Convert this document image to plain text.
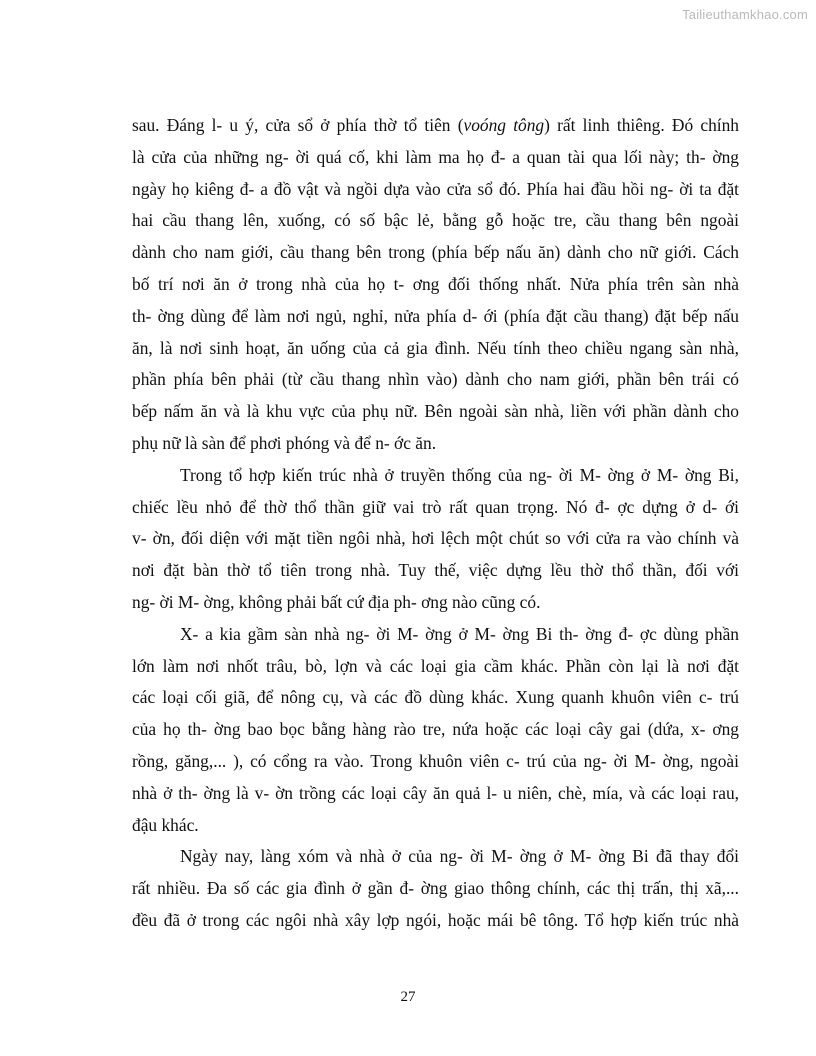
Tailieuthamkhao.com
sau. Đáng l- u ý, cửa sổ ở phía thờ tổ tiên (voóng tông) rất linh thiêng. Đó chính
là cửa của những ng- ời quá cố, khi làm ma họ đ- a quan tài qua lối này; th- ờng
ngày họ kiêng đ- a đồ vật và ngồi dựa vào cửa sổ đó. Phía hai đầu hồi ng- ời ta đặt
hai cầu thang lên, xuống, có số bậc lẻ, bằng gỗ hoặc tre, cầu thang bên ngoài
dành cho nam giới, cầu thang bên trong (phía bếp nấu ăn) dành cho nữ giới. Cách
bố trí nơi ăn ở trong nhà của họ t- ơng đối thống nhất. Nửa phía trên sàn nhà
th- ờng dùng để làm nơi ngủ, nghỉ, nửa phía d- ới (phía đặt cầu thang) đặt bếp nấu
ăn, là nơi sinh hoạt, ăn uống của cả gia đình. Nếu tính theo chiều ngang sàn nhà,
phần phía bên phải (từ cầu thang nhìn vào) dành cho nam giới, phần bên trái có
bếp nấm ăn và là khu vực của phụ nữ. Bên ngoài sàn nhà, liền với phần dành cho
phụ nữ là sàn để phơi phóng và để n- ớc ăn.
Trong tổ hợp kiến trúc nhà ở truyền thống của ng- ời M- ờng ở M- ờng Bi,
chiếc lều nhỏ để thờ thổ thần giữ vai trò rất quan trọng. Nó đ- ợc dựng ở d- ới
v- ờn, đối diện với mặt tiền ngôi nhà, hơi lệch một chút so với cửa ra vào chính và
nơi đặt bàn thờ tổ tiên trong nhà. Tuy thế, việc dựng lều thờ thổ thần, đối với
ng- ời M- ờng, không phải bất cứ địa ph- ơng nào cũng có.
X- a kia gầm sàn nhà ng- ời M- ờng ở M- ờng Bi th- ờng đ- ợc dùng phần
lớn làm nơi nhốt trâu, bò, lợn và các loại gia cầm khác. Phần còn lại là nơi đặt
các loại cối giã, để nông cụ, và các đồ dùng khác. Xung quanh khuôn viên c- trú
của họ th- ờng bao bọc bằng hàng rào tre, nứa hoặc các loại cây gai (dứa, x- ơng
rồng, găng,... ), có cổng ra vào. Trong khuôn viên c- trú của ng- ời M- ờng, ngoài
nhà ở th- ờng là v- ờn trồng các loại cây ăn quả l- u niên, chè, mía, và các loại rau,
đậu khác.
Ngày nay, làng xóm và nhà ở của ng- ời M- ờng ở M- ờng Bi đã thay đổi
rất nhiều. Đa số các gia đình ở gần đ- ờng giao thông chính, các thị trấn, thị xã,...
đều đã ở trong các ngôi nhà xây lợp ngói, hoặc mái bê tông. Tổ hợp kiến trúc nhà
27
